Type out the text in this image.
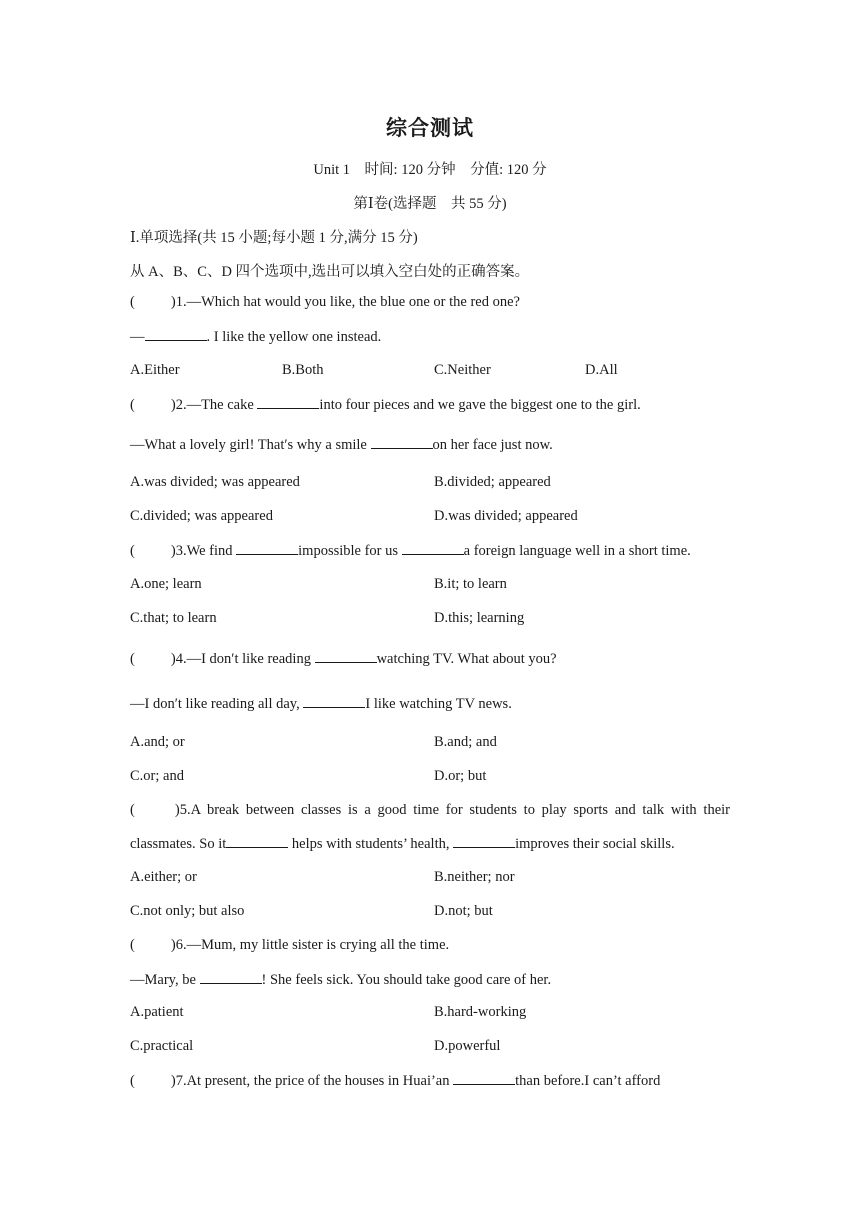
综合测试
Unit 1　时间: 120 分钟　分值: 120 分
第Ⅰ卷(选择题　共 55 分)
Ⅰ.单项选择(共 15 小题;每小题 1 分,满分 15 分)
从 A、B、C、D 四个选项中,选出可以填入空白处的正确答案。
( )1.—Which hat would you like, the blue one or the red one?
—	. I like the yellow one instead.
A.Either	B.Both	C.Neither	D.All
( )2.—The cake	into four pieces and we gave the biggest one to the girl.
—What a lovely girl! That′s why a smile	on her face just now.
A.was divided; was appeared	B.divided; appeared
C.divided; was appeared	D.was divided; appeared
( )3.We find	impossible for us	a foreign language well in a short time.
A.one; learn	B.it; to learn
C.that; to learn	D.this; learning
( )4.—I don′t like reading	watching TV. What about you?
—I don′t like reading all day,	I like watching TV news.
A.and; or	B.and; and
C.or; and	D.or; but
(	)5.A break between classes is a good time for students to play sports and talk with their
classmates. So it	helps with students’ health,	improves their social skills.
A.either; or	B.neither; nor
C.not only; but also	D.not; but
( )6.—Mum, my little sister is crying all the time.
—Mary, be	! She feels sick. You should take good care of her.
A.patient	B.hard-working
C.practical	D.powerful
( )7.At present, the price of the houses in Huai’an	than before.I can’t afford
